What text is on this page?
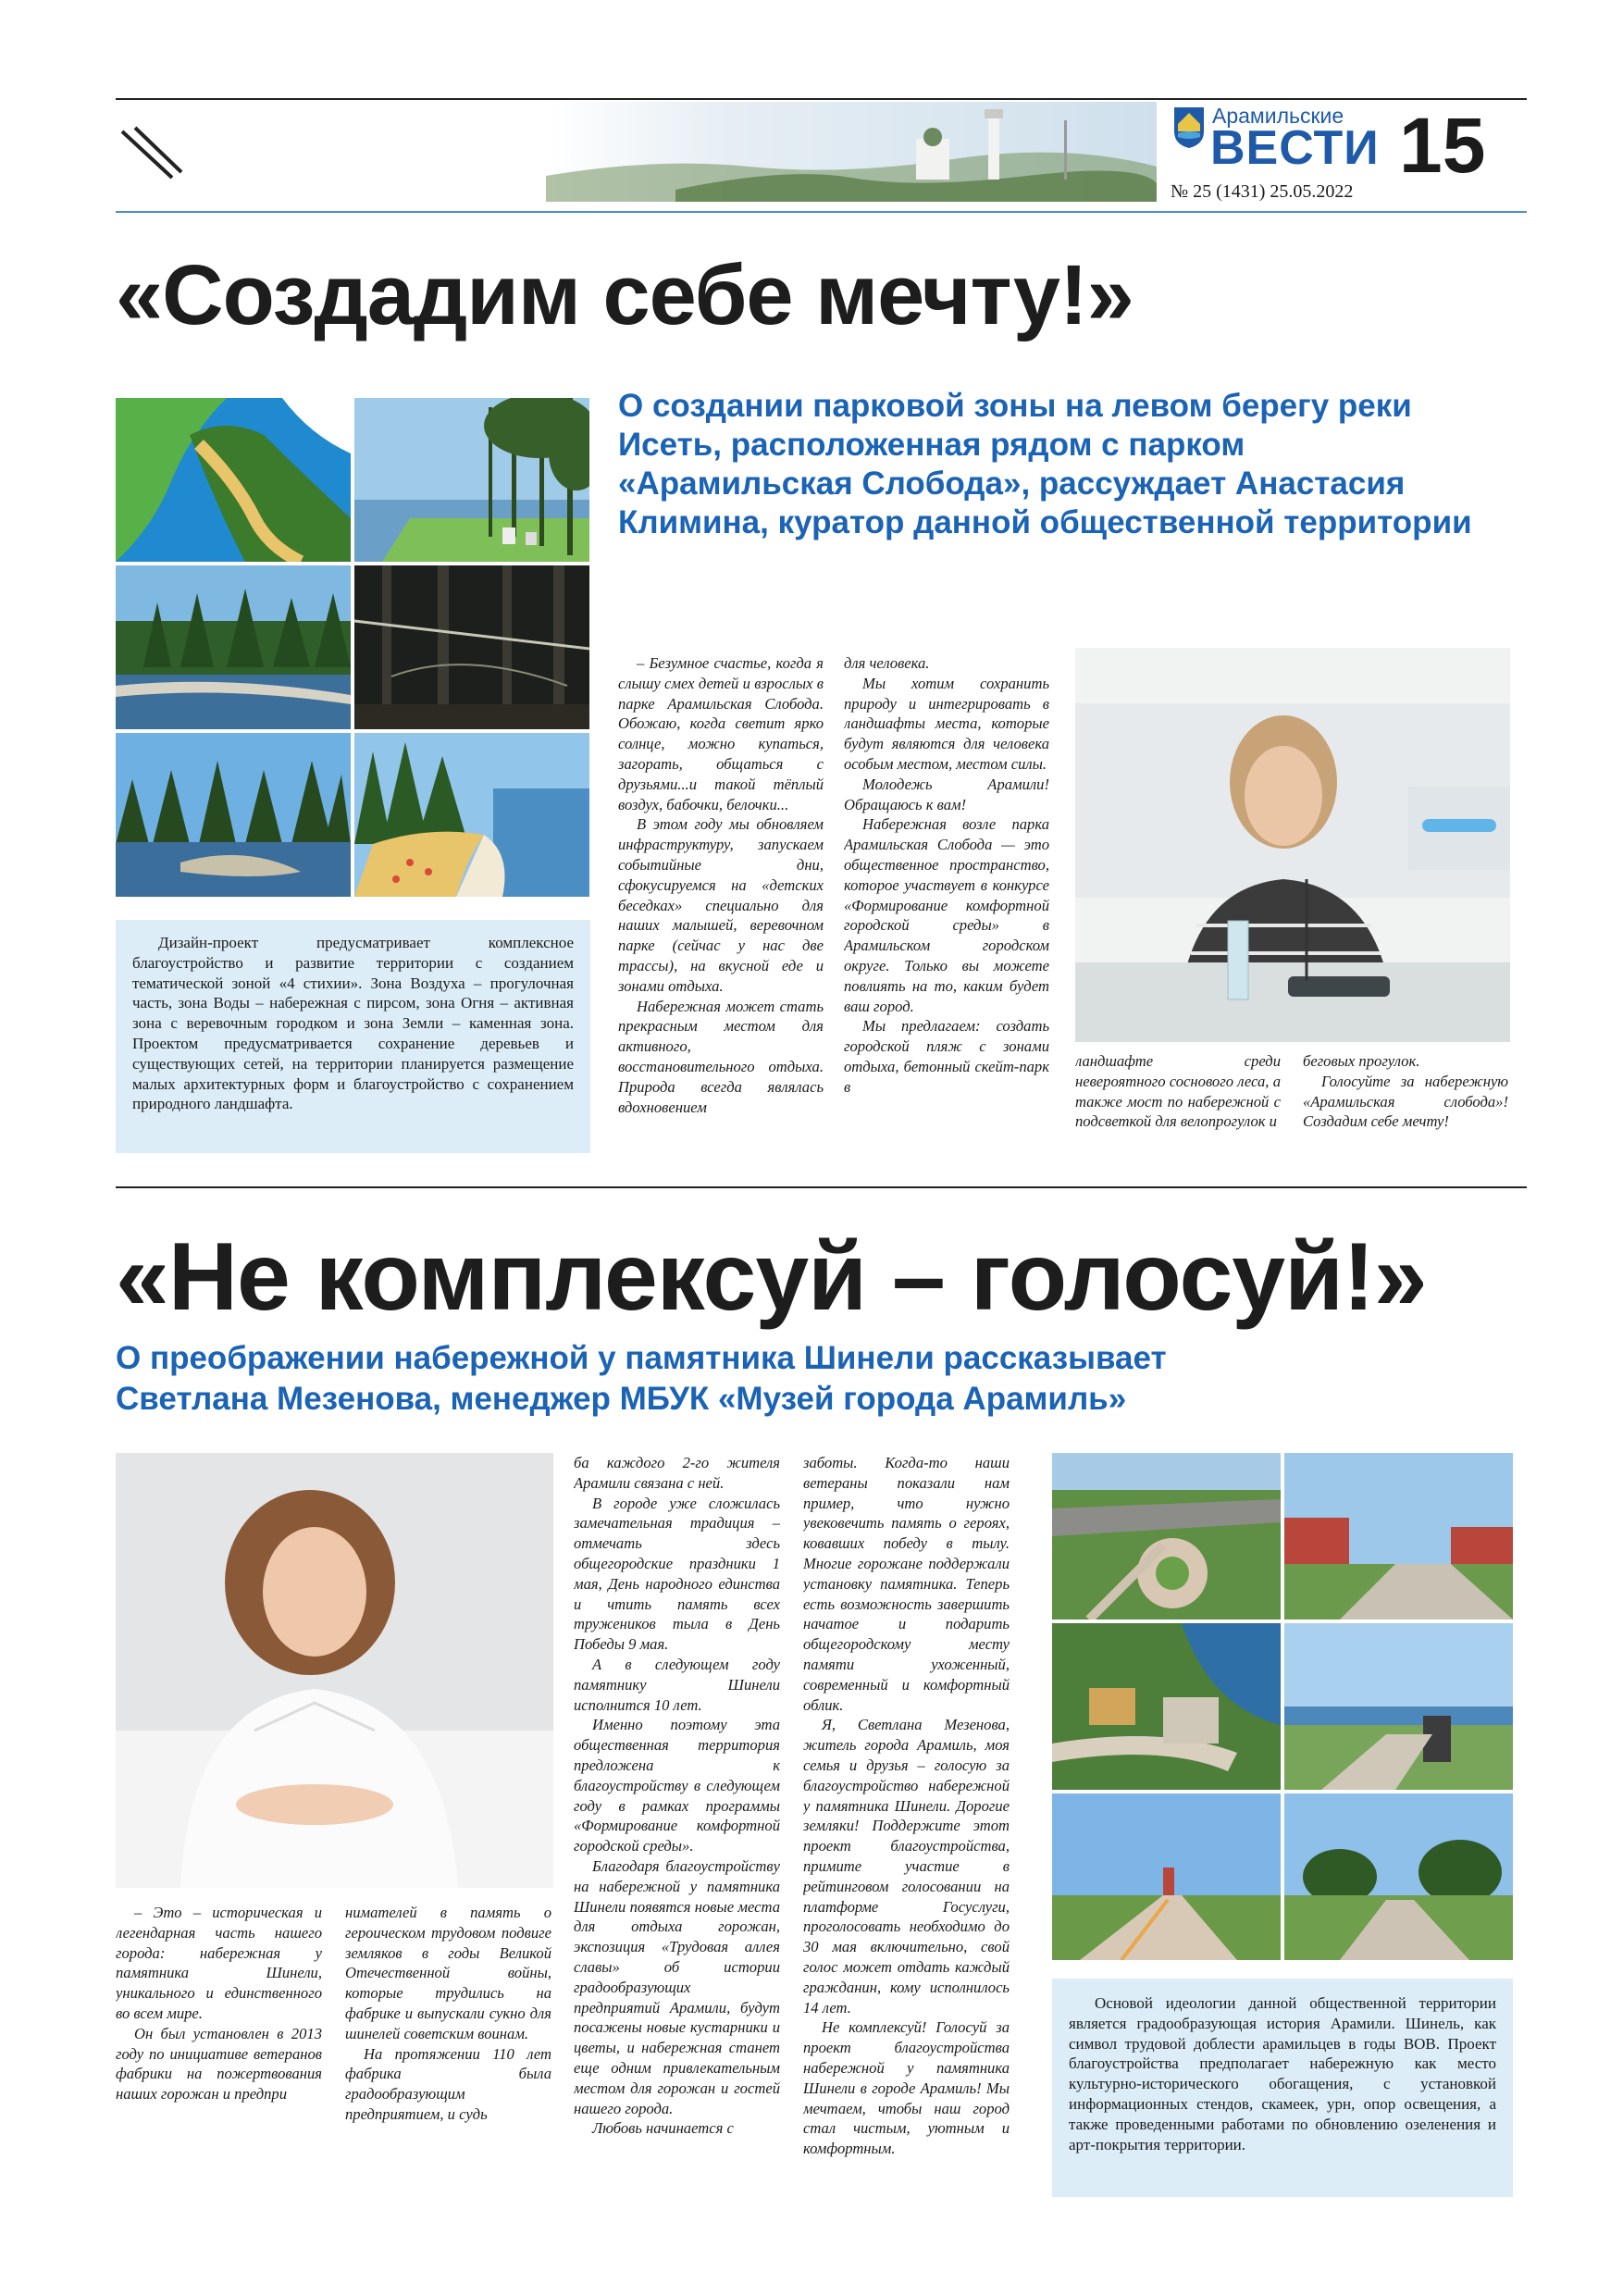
Арамильские
ВЕСТИ 15
№ 25 (1431) 25.05.2022
«Создадим себе мечту!»

Дизайн-проект предусматривает комплексное благоустройство и развитие территории с созданием тематической зоной «4 стихии». Зона Воздуха – прогулочная часть, зона Воды – набережная с пирсом, зона Огня – активная зона с веревочным городком и зона Земли – каменная зона. Проектом предусматривается сохранение деревьев и существующих сетей, на территории планируется размещение малых архитектурных форм и благоустройство с сохранением природного ландшафта.

О создании парковой зоны на левом берегу реки Исеть, расположенная рядом с парком «Арамильская Слобода», рассуждает Анастасия Климина, куратор данной общественной территории

– Безумное счастье, когда я слышу смех детей и взрослых в парке Арамильская Слобода. Обожаю, когда светит ярко солнце, можно купаться, загорать, общаться с друзьями...и такой тёплый воздух, бабочки, белочки...

В этом году мы обновляем инфраструктуру, запускаем событийные дни, сфокусируемся на «детских беседках» специально для наших малышей, веревочном парке (сейчас у нас две трассы), на вкусной еде и зонами отдыха.

Набережная может стать прекрасным местом для активного, восстановительного отдыха. Природа всегда являлась вдохновением

для человека.

Мы хотим сохранить природу и интегрировать в ландшафты места, которые будут являются для человека особым местом, местом силы.

Молодежь Арамили! Обращаюсь к вам!

Набережная возле парка Арамильская Слобода — это общественное пространство, которое участвует в конкурсе «Формирование комфортной городской среды» в Арамильском городском округе. Только вы можете повлиять на то, каким будет ваш город.

Мы предлагаем: создать городской пляж с зонами отдыха, бетонный скейт-парк в

ландшафте среди невероятного соснового леса, а также мост по набережной с подсветкой для велопрогулок и

беговых прогулок.

Голосуйте за набережную «Арамильская слобода»! Создадим себе мечту!

«Не комплексуй – голосуй!»
О преображении набережной у памятника Шинели рассказывает
Светлана Мезенова, менеджер МБУК «Музей города Арамиль»

– Это – историческая и легендарная часть нашего города: набережная у памятника Шинели, уникального и единственного во всем мире.

Он был установлен в 2013 году по инициативе ветеранов фабрики на пожертвования наших горожан и предпри

нимателей в память о героическом трудовом подвиге земляков в годы Великой Отечественной войны, которые трудились на фабрике и выпускали сукно для шинелей советским воинам.

На протяжении 110 лет фабрика была градообразующим предприятием, и судь

ба каждого 2-го жителя Арамили связана с ней.

В городе уже сложилась замечательная традиция – отмечать здесь общегородские праздники 1 мая, День народного единства и чтить память всех тружеников тыла в День Победы 9 мая.

А в следующем году памятнику Шинели исполнится 10 лет.

Именно поэтому эта общественная территория предложена к благоустройству в следующем году в рамках программы «Формирование комфортной городской среды».

Благодаря благоустройству на набережной у памятника Шинели появятся новые места для отдыха горожан, экспозиция «Трудовая аллея славы» об истории градообразующих предприятий Арамили, будут посажены новые кустарники и цветы, и набережная станет еще одним привлекательным местом для горожан и гостей нашего города.

Любовь начинается с

заботы. Когда-то наши ветераны показали нам пример, что нужно увековечить память о героях, ковавших победу в тылу. Многие горожане поддержали установку памятника. Теперь есть возможность завершить начатое и подарить общегородскому месту памяти ухоженный, современный и комфортный облик.

Я, Светлана Мезенова, житель города Арамиль, моя семья и друзья – голосую за благоустройство набережной у памятника Шинели. Дорогие земляки! Поддержите этот проект благоустройства, примите участие в рейтинговом голосовании на платформе Госуслуги, проголосовать необходимо до 30 мая включительно, свой голос может отдать каждый гражданин, кому исполнилось 14 лет.

Не комплексуй! Голосуй за проект благоустройства набережной у памятника Шинели в городе Арамиль! Мы мечтаем, чтобы наш город стал чистым, уютным и комфортным.

Основой идеологии данной общественной территории является градообразующая история Арамили. Шинель, как символ трудовой доблести арамильцев в годы ВОВ. Проект благоустройства предполагает набережную как место культурно-исторического обогащения, с установкой информационных стендов, скамеек, урн, опор освещения, а также проведенными работами по обновлению озеленения и арт-покрытия территории.
